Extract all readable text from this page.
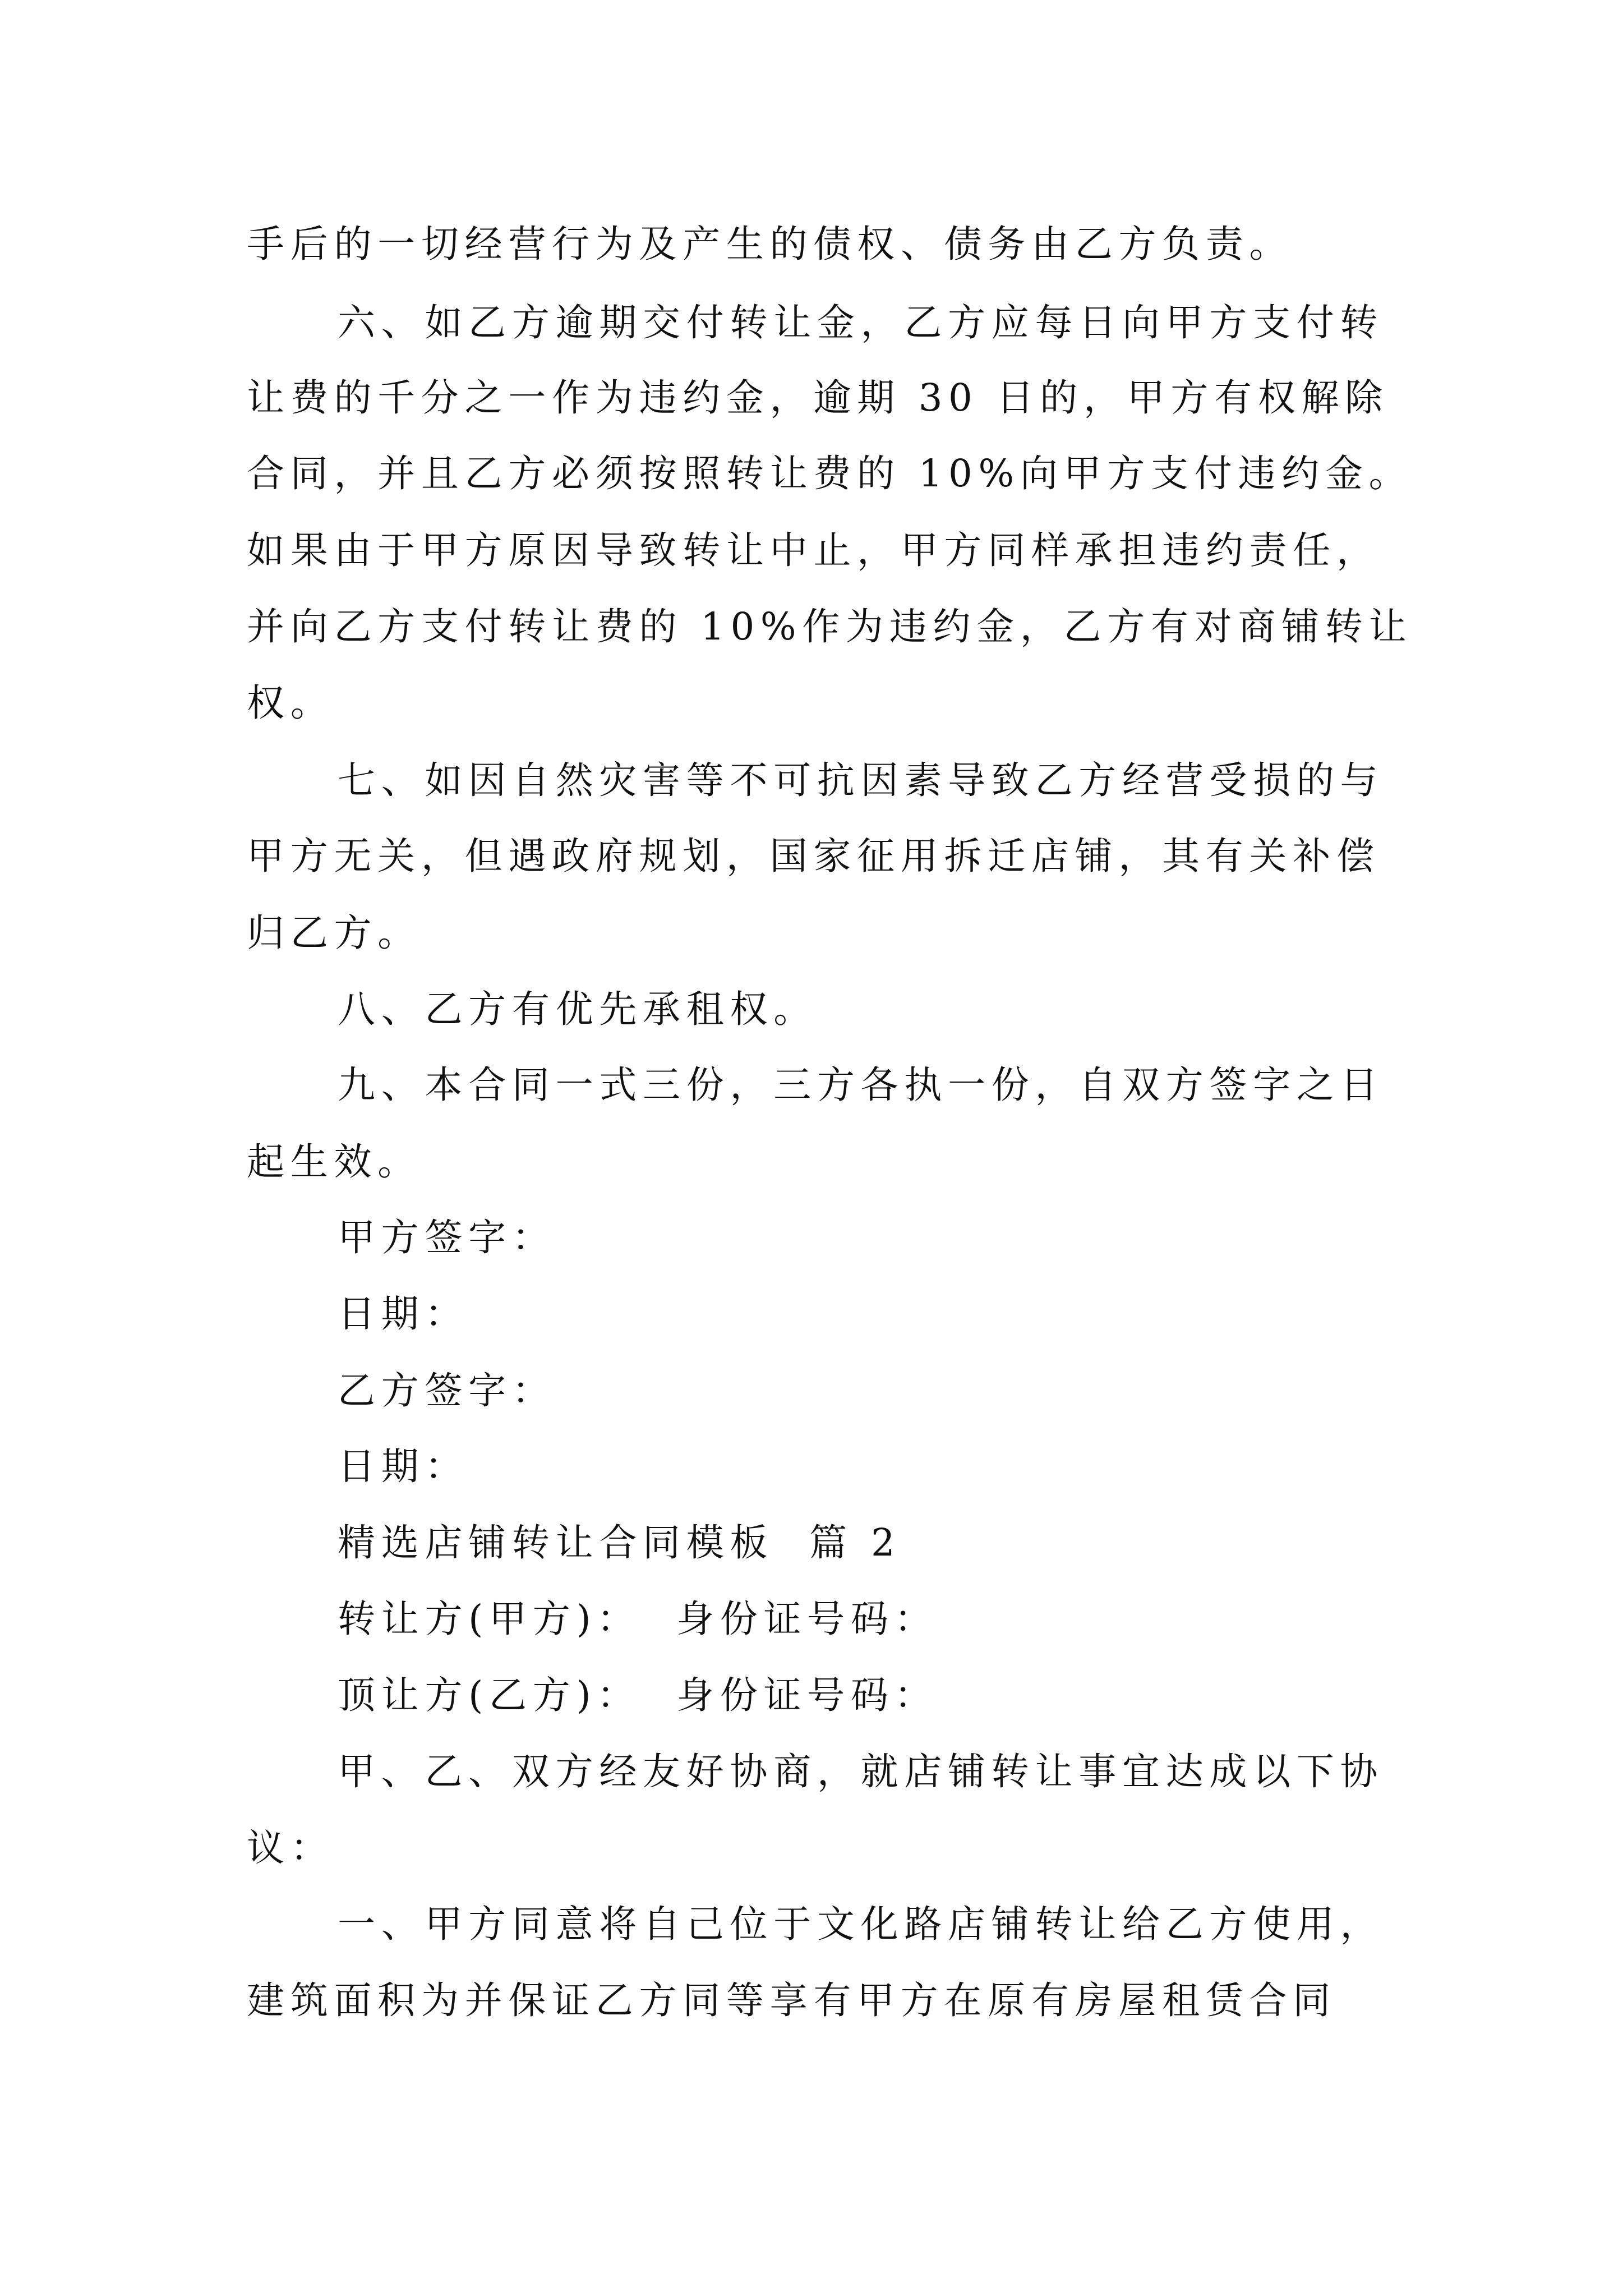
手后的一切经营行为及产生的债权、债务由乙方负责。

六、如乙方逾期交付转让金，乙方应每日向甲方支付转

让费的千分之一作为违约金，逾期 30 日的，甲方有权解除

合同，并且乙方必须按照转让费的 10%向甲方支付违约金。

如果由于甲方原因导致转让中止，甲方同样承担违约责任，

并向乙方支付转让费的 10%作为违约金，乙方有对商铺转让

权。

七、如因自然灾害等不可抗因素导致乙方经营受损的与

甲方无关，但遇政府规划，国家征用拆迁店铺，其有关补偿

归乙方。

八、乙方有优先承租权。

九、本合同一式三份，三方各执一份，自双方签字之日

起生效。

甲方签字：

日期：

乙方签字：

日期：

精选店铺转让合同模板  篇 2

转让方(甲方)：  身份证号码：

顶让方(乙方)：  身份证号码：

甲、乙、双方经友好协商，就店铺转让事宜达成以下协

议：

一、甲方同意将自己位于文化路店铺转让给乙方使用，

建筑面积为并保证乙方同等享有甲方在原有房屋租赁合同
